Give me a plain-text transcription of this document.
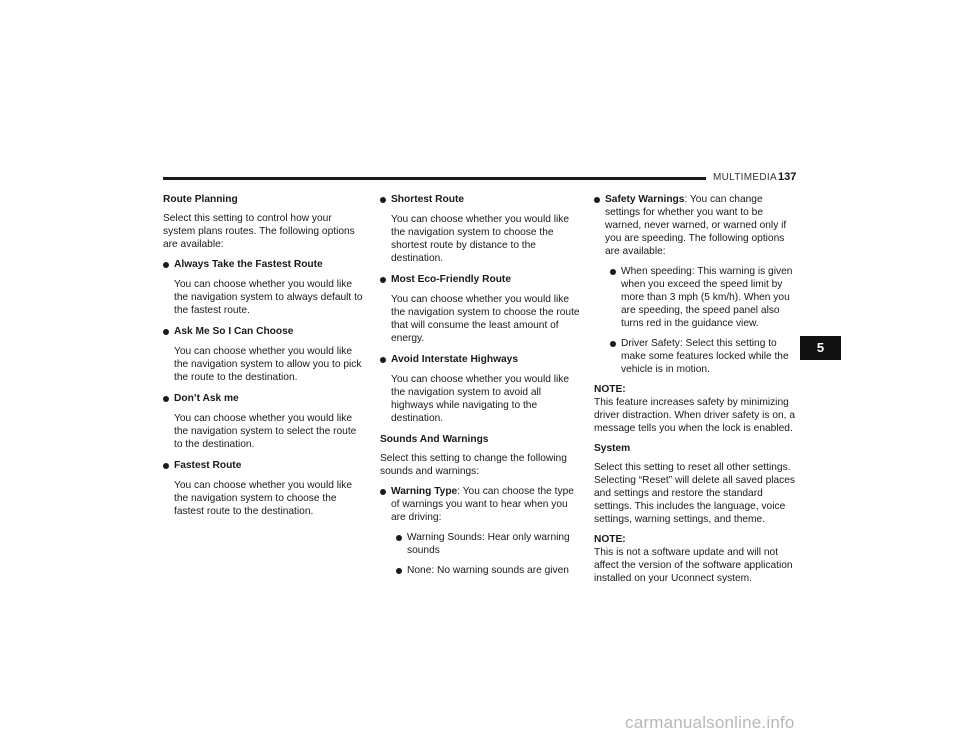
MULTIMEDIA 137
5

Route Planning

Select this setting to control how your system plans routes. The following options are available:

Always Take the Fastest Route

You can choose whether you would like the navigation system to always default to the fastest route.

Ask Me So I Can Choose

You can choose whether you would like the navigation system to allow you to pick the route to the destination.

Don’t Ask me

You can choose whether you would like the navigation system to select the route to the destination.

Fastest Route

You can choose whether you would like the navigation system to choose the fastest route to the destination.

Shortest Route

You can choose whether you would like the navigation system to choose the shortest route by distance to the destination.

Most Eco-Friendly Route

You can choose whether you would like the navigation system to choose the route that will consume the least amount of energy.

Avoid Interstate Highways

You can choose whether you would like the navigation system to avoid all highways while navigating to the destination.

Sounds And Warnings

Select this setting to change the following sounds and warnings:

Warning Type: You can choose the type of warnings you want to hear when you are driving:
Warning Sounds: Hear only warning sounds
None: No warning sounds are given
Safety Warnings: You can change settings for whether you want to be warned, never warned, or warned only if you are speeding. The following options are available:
When speeding: This warning is given when you exceed the speed limit by more than 3 mph (5 km/h). When you are speeding, the speed panel also turns red in the guidance view.
Driver Safety: Select this setting to make some features locked while the vehicle is in motion.

NOTE:

This feature increases safety by minimizing driver distraction. When driver safety is on, a message tells you when the lock is enabled.

System

Select this setting to reset all other settings. Selecting “Reset” will delete all saved places and settings and restore the standard settings. This includes the language, voice settings, warning settings, and theme.

NOTE:

This is not a software update and will not affect the version of the software application installed on your Uconnect system.

carmanualsonline.info
